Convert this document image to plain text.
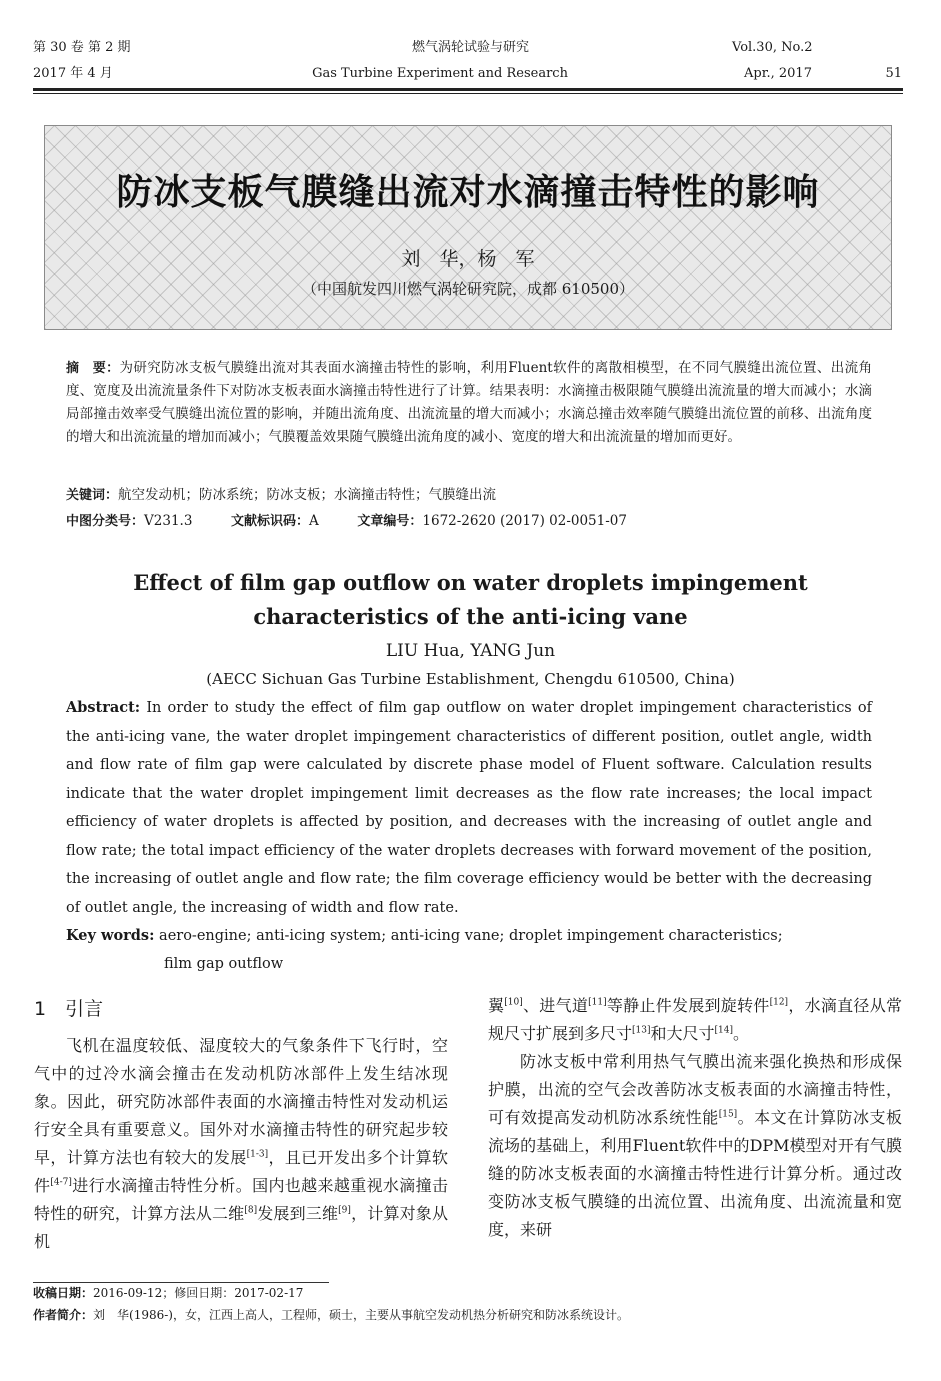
第 30 卷 第 2 期
2017 年 4 月
燃气涡轮试验与研究
Gas Turbine Experiment and Research
Vol.30, No.2
Apr., 2017	51
防冰支板气膜缝出流对水滴撞击特性的影响
刘　华，杨　军
（中国航发四川燃气涡轮研究院，成都 610500）
摘　要：为研究防冰支板气膜缝出流对其表面水滴撞击特性的影响，利用Fluent软件的离散相模型，在不同气膜缝出流位置、出流角度、宽度及出流流量条件下对防冰支板表面水滴撞击特性进行了计算。结果表明：水滴撞击极限随气膜缝出流流量的增大而减小；水滴局部撞击效率受气膜缝出流位置的影响，并随出流角度、出流流量的增大而减小；水滴总撞击效率随气膜缝出流位置的前移、出流角度的增大和出流流量的增加而减小；气膜覆盖效果随气膜缝出流角度的减小、宽度的增大和出流流量的增加而更好。
关键词：航空发动机；防冰系统；防冰支板；水滴撞击特性；气膜缝出流
中图分类号：V231.3	文献标识码：A	文章编号：1672-2620 (2017) 02-0051-07
Effect of film gap outflow on water droplets impingement
characteristics of the anti-icing vane
LIU Hua, YANG Jun
(AECC Sichuan Gas Turbine Establishment, Chengdu 610500, China)
Abstract: In order to study the effect of film gap outflow on water droplet impingement characteristics of the anti-icing vane, the water droplet impingement characteristics of different position, outlet angle, width and flow rate of film gap were calculated by discrete phase model of Fluent software. Calculation results indicate that the water droplet impingement limit decreases as the flow rate increases; the local impact efficiency of water droplets is affected by position, and decreases with the increasing of outlet angle and flow rate; the total impact efficiency of the water droplets decreases with forward movement of the position, the increasing of outlet angle and flow rate; the film coverage efficiency would be better with the decreasing of outlet angle, the increasing of width and flow rate.
Key words: aero-engine; anti-icing system; anti-icing vane; droplet impingement characteristics;
film gap outflow
1　引言
飞机在温度较低、湿度较大的气象条件下飞行时，空气中的过冷水滴会撞击在发动机防冰部件上发生结冰现象。因此，研究防冰部件表面的水滴撞击特性对发动机运行安全具有重要意义。国外对水滴撞击特性的研究起步较早，计算方法也有较大的发展[1-3]，且已开发出多个计算软件[4-7]进行水滴撞击特性分析。国内也越来越重视水滴撞击特性的研究，计算方法从二维[8]发展到三维[9]，计算对象从机
翼[10]、进气道[11]等静止件发展到旋转件[12]，水滴直径从常规尺寸扩展到多尺寸[13]和大尺寸[14]。
防冰支板中常利用热气气膜出流来强化换热和形成保护膜，出流的空气会改善防冰支板表面的水滴撞击特性，可有效提高发动机防冰系统性能[15]。本文在计算防冰支板流场的基础上，利用Fluent软件中的DPM模型对开有气膜缝的防冰支板表面的水滴撞击特性进行计算分析。通过改变防冰支板气膜缝的出流位置、出流角度、出流流量和宽度，来研
收稿日期：2016-09-12；修回日期：2017-02-17
作者简介：刘　华(1986-)，女，江西上高人，工程师，硕士，主要从事航空发动机热分析研究和防冰系统设计。
